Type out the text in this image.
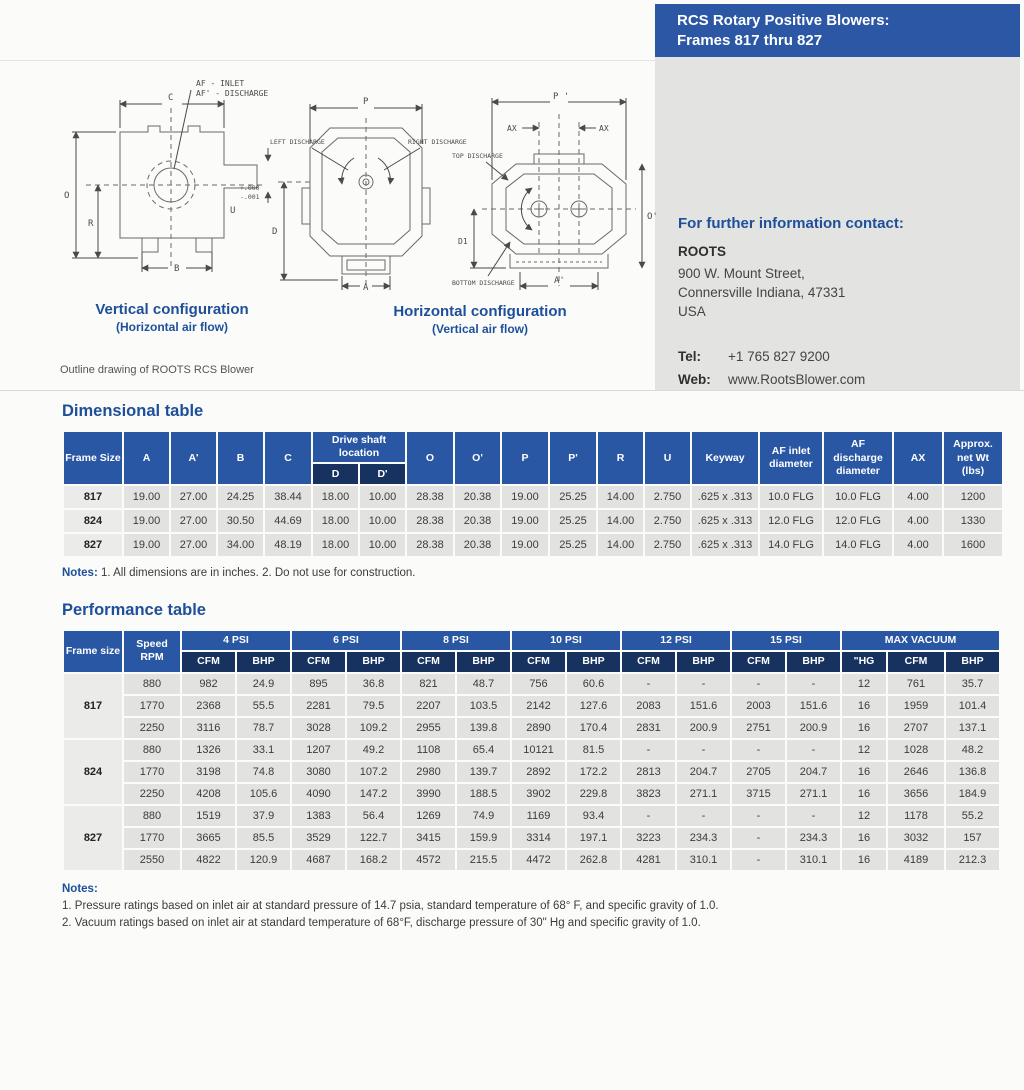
RCS Rotary Positive Blowers:
Frames 817 thru 827
For further information contact:
ROOTS
900 W. Mount Street,
Connersville Indiana, 47331
USA
Tel:	+1 765 827 9200
Web:	www.RootsBlower.com
AF - INLET
AF' - DISCHARGE
C
O
R
B
U
+.000
-.001
LEFT DISCHARGE	RIGHT DISCHARGE
P
D
A
TOP DISCHARGE
BOTTOM DISCHARGE
P '
AX	AX
O'
D1
A'
Vertical configuration
(Horizontal air flow)
Horizontal configuration
(Vertical air flow)
Outline drawing of ROOTS RCS Blower
Dimensional table
Frame Size	A	A'	B	C	Drive shaft location		O	O'	P	P'	R	U	Keyway	AF inlet diameter	AF discharge diameter	AX	Approx. net Wt (lbs)
					D	D'											
817	19.00	27.00	24.25	38.44	18.00	10.00	28.38	20.38	19.00	25.25	14.00	2.750	.625 x .313	10.0 FLG	10.0 FLG	4.00	1200
824	19.00	27.00	30.50	44.69	18.00	10.00	28.38	20.38	19.00	25.25	14.00	2.750	.625 x .313	12.0 FLG	12.0 FLG	4.00	1330
827	19.00	27.00	34.00	48.19	18.00	10.00	28.38	20.38	19.00	25.25	14.00	2.750	.625 x .313	14.0 FLG	14.0 FLG	4.00	1600
Notes: 1. All dimensions are in inches. 2. Do not use for construction.
Performance table
Frame size	Speed RPM	4 PSI		6 PSI		8 PSI		10 PSI		12 PSI		15 PSI		MAX VACUUM		
		CFM	BHP	CFM	BHP	CFM	BHP	CFM	BHP	CFM	BHP	CFM	BHP	"HG	CFM	BHP
817	880	982	24.9	895	36.8	821	48.7	756	60.6	-	-	-	-	12	761	35.7
	1770	2368	55.5	2281	79.5	2207	103.5	2142	127.6	2083	151.6	2003	151.6	16	1959	101.4
	2250	3116	78.7	3028	109.2	2955	139.8	2890	170.4	2831	200.9	2751	200.9	16	2707	137.1
824	880	1326	33.1	1207	49.2	1108	65.4	10121	81.5	-	-	-	-	12	1028	48.2
	1770	3198	74.8	3080	107.2	2980	139.7	2892	172.2	2813	204.7	2705	204.7	16	2646	136.8
	2250	4208	105.6	4090	147.2	3990	188.5	3902	229.8	3823	271.1	3715	271.1	16	3656	184.9
827	880	1519	37.9	1383	56.4	1269	74.9	1169	93.4	-	-	-	-	12	1178	55.2
	1770	3665	85.5	3529	122.7	3415	159.9	3314	197.1	3223	234.3	-	234.3	16	3032	157
	2550	4822	120.9	4687	168.2	4572	215.5	4472	262.8	4281	310.1	-	310.1	16	4189	212.3
Notes:
1. Pressure ratings based on inlet air at standard pressure of 14.7 psia, standard temperature of 68° F, and specific gravity of 1.0.
2. Vacuum ratings based on inlet air at standard temperature of 68°F, discharge pressure of 30" Hg and specific gravity of 1.0.
